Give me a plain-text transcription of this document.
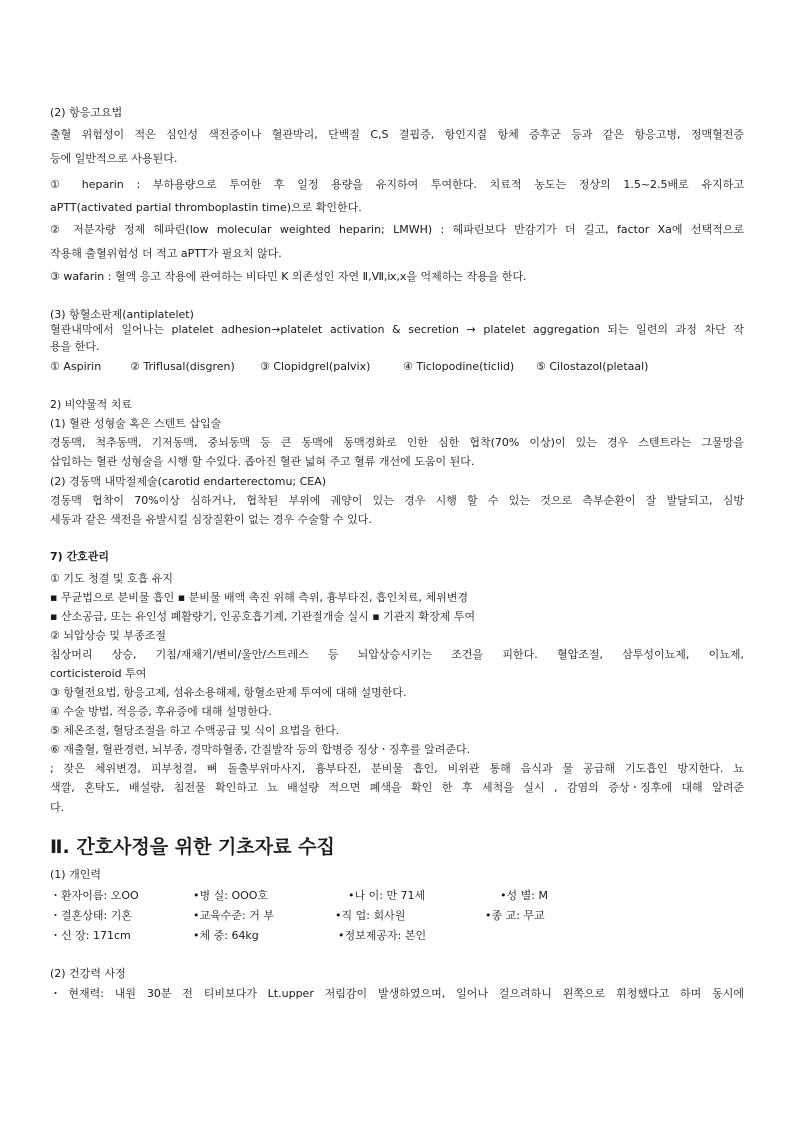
(2) 항응고요법
출혈 위험성이 적은 심인성 색전증이나 혈관박리, 단백질 C,S 결핍증, 항인지질 항체 증후군 등과 같은 항응고병, 정맥혈전증
등에 일반적으로 사용된다.
① heparin : 부하용량으로 투여한 후 일정 용량을 유지하여 투여한다. 치료적 농도는 정상의 1.5~2.5배로 유지하고
aPTT(activated partial thromboplastin time)으로 확인한다.
② 저분자량 정제 헤파린(low molecular weighted heparin; LMWH) : 헤파린보다 반감기가 더 길고, factor Xa에 선택적으로
작용해 출혈위험성 더 적고 aPTT가 필요치 않다.
③ wafarin : 혈액 응고 작용에 관여하는 비타민 K 의존성인 자연 Ⅱ,Ⅶ,ⅸ,ⅹ을 억제하는 작용을 한다.
(3) 항혈소판제(antiplatelet)
혈관내막에서 일어나는 platelet adhesion→platelet activation & secretion → platelet aggregation 되는 일련의 과정 차단 작
용을 한다.
① Aspirin	② Triflusal(disgren) ③ Clopidgrel(palvix)	④ Ticlopodine(ticlid) ⑤ Cilostazol(pletaal)
2) 비약물적 치료
(1) 혈관 성형술 혹은 스텐트 삽입술
경동맥, 척추동맥, 기저동맥, 중뇌동맥 등 큰 동맥에 동맥경화로 인한 심한 협착(70% 이상)이 있는 경우 스텐트라는 그물망을
삽입하는 혈관 성형술을 시행 할 수있다. 좁아진 혈관 넓혀 주고 혈류 개선에 도움이 된다.
(2) 경동맥 내막절제술(carotid endarterectomu; CEA)
경동맥 협착이 70%이상 심하거나, 협착된 부위에 궤양이 있는 경우 시행 할 수 있는 것으로 측부순환이 잘 발달되고, 심방
세동과 같은 색전을 유발시킬 심장질환이 없는 경우 수술할 수 있다.
7) 간호관리
① 기도 청결 및 호흡 유지
▪ 무균법으로 분비물 흡인 ▪ 분비물 배액 촉진 위해 측위, 흉부타진, 흡인치료, 체위변경
▪ 산소공급, 또는 유인성 폐활량기, 인공호흡기계, 기관절개술 실시 ▪ 기관지 확장제 투여
② 뇌압상승 및 부종조절
침상머리 상승, 기침/재채기/변비/울안/스트레스 등 뇌압상승시키는 조건을 피한다. 혈압조절, 삼투성이뇨제, 이뇨제,
corticisteroid 투여
③ 항혈전요법, 항응고제, 섬유소용해제, 항혈소판제 투여에 대해 설명한다.
④ 수술 방법, 적응증, 후유증에 대해 설명한다.
⑤ 체온조절, 혈당조절을 하고 수액공급 및 식이 요법을 한다.
⑥ 재출혈, 혈관경련, 뇌부종, 경막하혈종, 간질발작 등의 합병증 징상ㆍ징후를 알려준다.
; 잦은 체위변경, 피부청결, 뼈 돌출부위마사지, 흉부타진, 분비물 흡인, 비위관 통해 음식과 물 공급해 기도흡인 방지한다. 뇨
색깔, 혼탁도, 배설량, 침전물 확인하고 뇨 배설량 적으면 폐색을 확인 한 후 세척을 실시 , 감염의 증상ㆍ징후에 대해 알려준
다.
Ⅱ. 간호사정을 위한 기초자료 수집
(1) 개인력
・환자이름: 오OO	•병 실: OOO호	•나 이: 만 71세	•성 별: M
・결혼상태: 기혼	•교육수준: 거 부	•직 업: 회사원	•종 교: 무교
・신 장: 171cm	•체 중: 64kg	•정보제공자: 본인
(2) 건강력 사정
・현재력: 내원 30분 전 티비보다가 Lt.upper 저림감이 발생하였으며, 일어나 걸으려하니 왼쪽으로 휘청했다고 하며 동시에
